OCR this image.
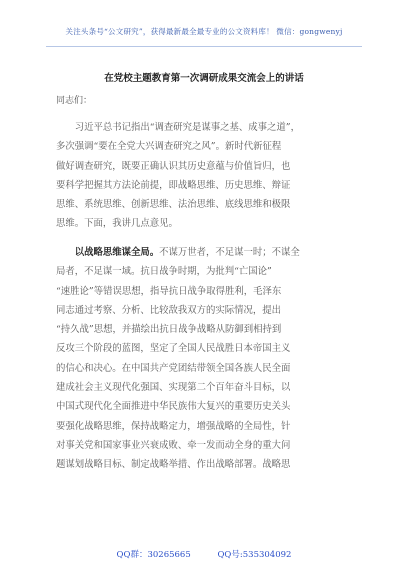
关注头条号“公文研究”，获得最新最全最专业的公文资料库！ 微信：gongwenyj
在党校主题教育第一次调研成果交流会上的讲话
同志们：
  习近平总书记指出“调查研究是谋事之基、成事之道”，
多次强调“要在全党大兴调查研究之风”。新时代新征程
做好调查研究，既要正确认识其历史意蕴与价值旨归，也
要科学把握其方法论前提，即战略思维、历史思维、辩证
思维、系统思维、创新思维、法治思维、底线思维和极限
思维。下面，我讲几点意见。
  以战略思维谋全局。不谋万世者，不足谋一时；不谋全
局者，不足谋一域。抗日战争时期，为批判“亡国论”
“速胜论”等错误思想，指导抗日战争取得胜利，毛泽东
同志通过考察、分析、比较敌我双方的实际情况，提出
“持久战”思想，并描绘出抗日战争战略从防御到相持到
反攻三个阶段的蓝图，坚定了全国人民战胜日本帝国主义
的信心和决心。在中国共产党团结带领全国各族人民全面
建成社会主义现代化强国、实现第二个百年奋斗目标，以
中国式现代化全面推进中华民族伟大复兴的重要历史关头
要强化战略思维，保持战略定力，增强战略的全局性，针
对事关党和国家事业兴衰成败、牵一发而动全身的重大问
题谋划战略目标、制定战略举措、作出战略部署。战略思
QQ群：30265665	QQ号:535304092
